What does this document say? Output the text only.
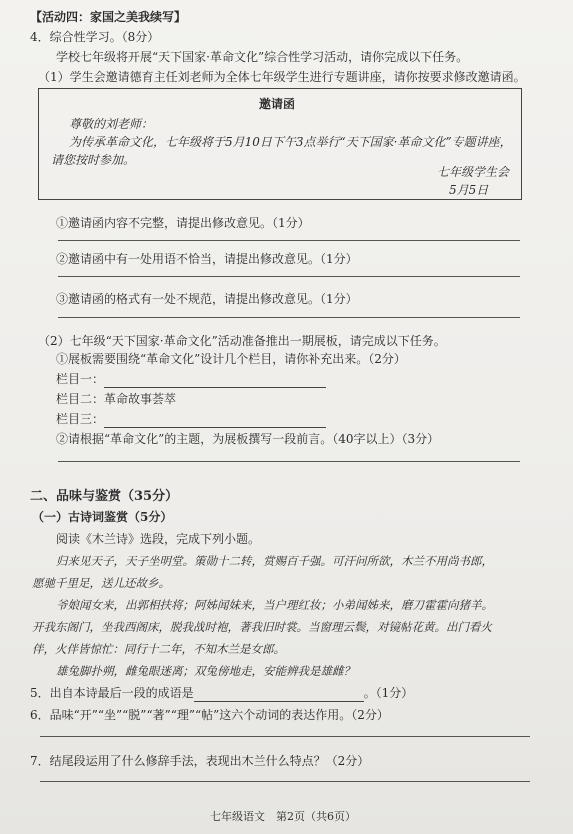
【活动四：家国之美我续写】
4．综合性学习。（8分）
学校七年级将开展“天下国家·革命文化”综合性学习活动，请你完成以下任务。
（1）学生会邀请德育主任刘老师为全体七年级学生进行专题讲座，请你按要求修改邀请函。
邀请函
尊敬的刘老师：
为传承革命文化，七年级将于5月10日下午3点举行“天下国家·革命文化”专题讲座，
请您按时参加。
七年级学生会
5月5日
①邀请函内容不完整，请提出修改意见。（1分）
②邀请函中有一处用语不恰当，请提出修改意见。（1分）
③邀请函的格式有一处不规范，请提出修改意见。（1分）
（2）七年级“天下国家·革命文化”活动准备推出一期展板，请完成以下任务。
①展板需要围绕“革命文化”设计几个栏目，请你补充出来。（2分）
栏目一：
栏目二：革命故事荟萃
栏目三：
②请根据“革命文化”的主题，为展板撰写一段前言。（40字以上）（3分）
二、品味与鉴赏（35分）
（一）古诗词鉴赏（5分）
阅读《木兰诗》选段，完成下列小题。
归来见天子，天子坐明堂。策勋十二转，赏赐百千强。可汗问所欲，木兰不用尚书郎，
愿驰千里足，送儿还故乡。
爷娘闻女来，出郭相扶将；阿姊闻妹来，当户理红妆；小弟闻姊来，磨刀霍霍向猪羊。
开我东阁门，坐我西阁床，脱我战时袍，著我旧时裳。当窗理云鬓，对镜帖花黄。出门看火
伴，火伴皆惊忙：同行十二年，不知木兰是女郎。
雄兔脚扑朔，雌兔眼迷离；双兔傍地走，安能辨我是雄雌？
5．出自本诗最后一段的成语是	。（1分）
6．品味“开”“坐”“脱”“著”“理”“帖”这六个动词的表达作用。（2分）
7．结尾段运用了什么修辞手法，表现出木兰什么特点？（2分）
七年级语文　第2页（共6页）
